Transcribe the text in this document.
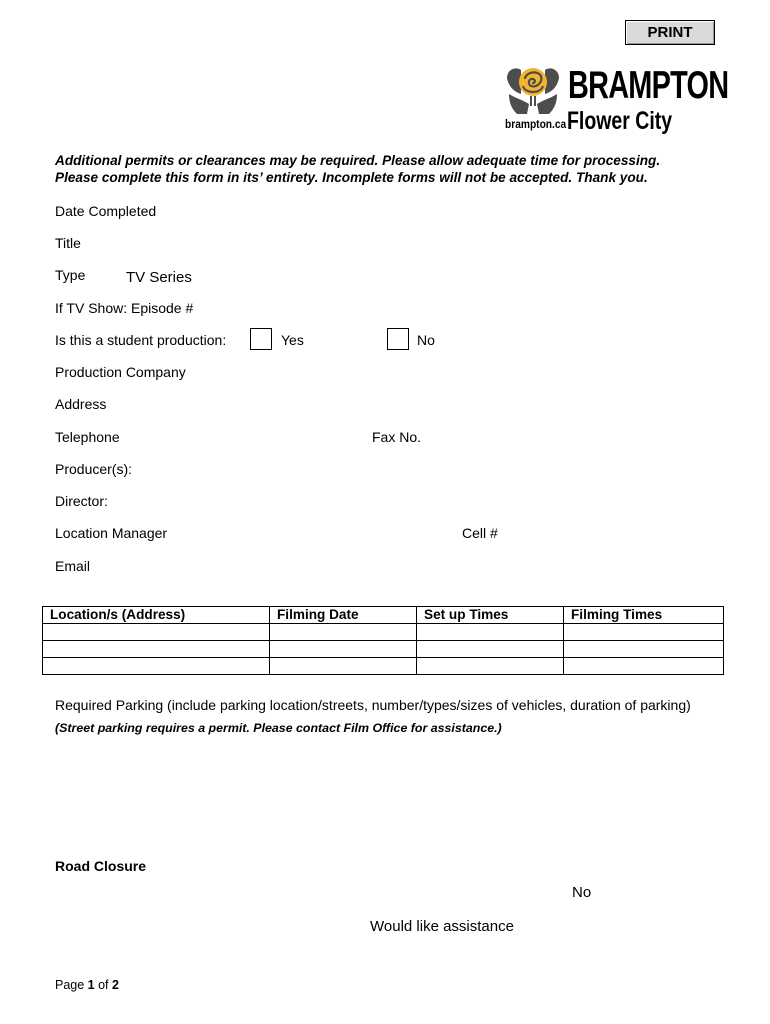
PRINT
brampton.ca
BRAMPTON
Flower City
Additional permits or clearances may be required. Please allow adequate time for processing.
Please complete this form in its’ entirety. Incomplete forms will not be accepted. Thank you.
Date Completed
Title
Type	TV Series
If TV Show: Episode #
Is this a student production:	Yes	No
Production Company
Address
Telephone	Fax No.
Producer(s):
Director:
Location Manager	Cell #
Email
Location/s (Address)	Filming Date	Set up Times	Filming Times

Required Parking (include parking location/streets, number/types/sizes of vehicles, duration of parking)
(Street parking requires a permit. Please contact Film Office for assistance.)
Road Closure
No
Would like assistance
Page 1 of 2
